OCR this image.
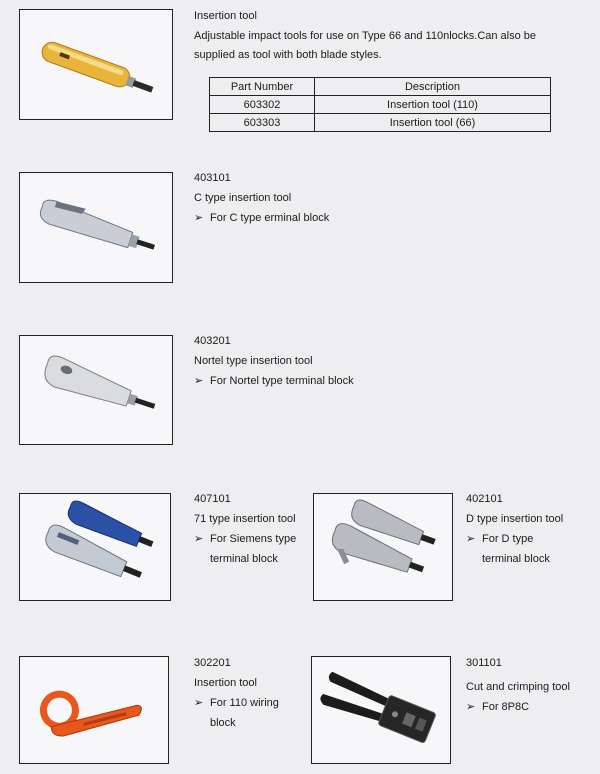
Insertion tool
Adjustable impact tools for use on Type 66 and 110nlocks.Can also be
supplied as tool with both blade styles.
Part Number	Description
603302	Insertion tool (110)
603303	Insertion tool (66)
403101
C type insertion tool
➢ For C type erminal block
403201
Nortel type insertion tool
➢ For Nortel type terminal block
407101
71 type insertion tool
➢ For Siemens type
terminal block
402101
D type insertion tool
➢ For D type
terminal block
302201
Insertion tool
➢ For 110 wiring
block
301101
Cut and crimping tool
➢ For 8P8C
